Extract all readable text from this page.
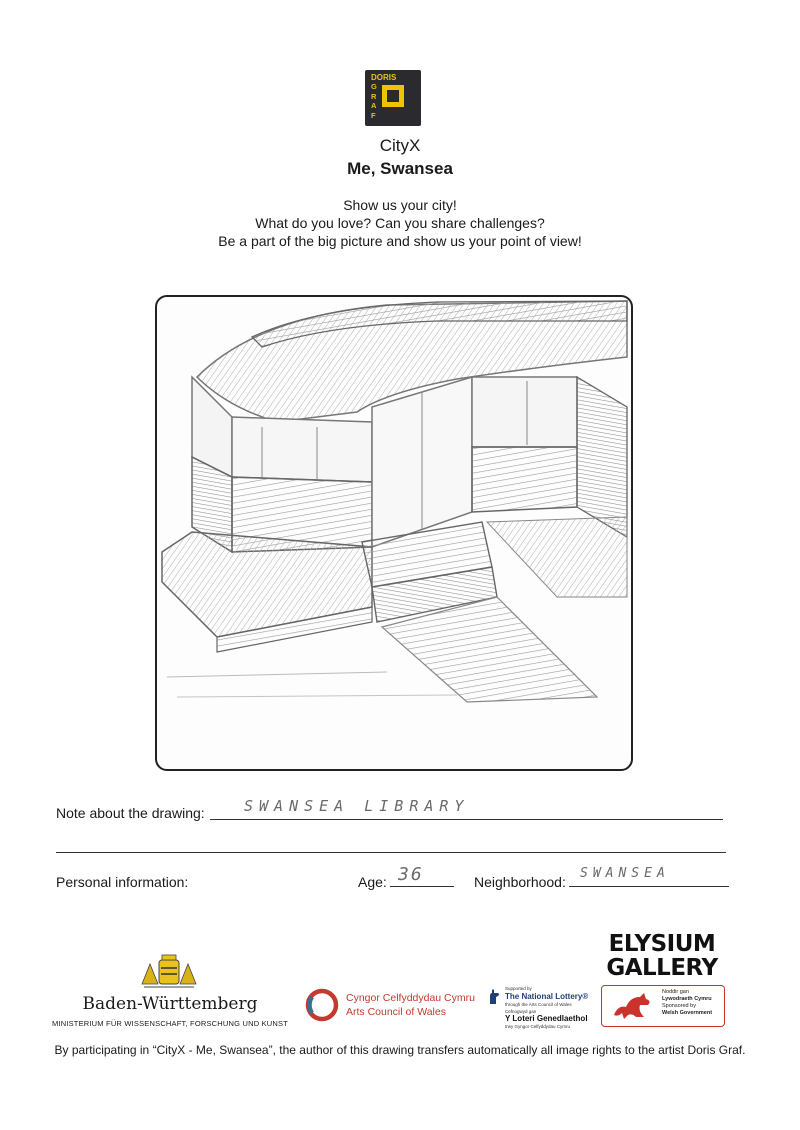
DORIS
G
R
A
F
CityX
Me, Swansea
Show us your city!
What do you love? Can you share challenges?
Be a part of the big picture and show us your point of view!
Note about the drawing:	SWANSEA LIBRARY
Personal information:	Age: 36	Neighborhood:
SWANSEA
Baden-Württemberg
MINISTERIUM FÜR WISSENSCHAFT, FORSCHUNG UND KUNST
Cyngor Celfyddydau Cymru
Arts Council of Wales
Supported by
The National Lottery®
through the Arts Council of Wales
Cefnogwyd gan
Y Loteri Genedlaethol
trwy Gyngor Celfyddydau Cymru
ELYSIUM
GALLERY
Noddir gan
Lywodraeth Cymru
Sponsored by
Welsh Government
By participating in “CityX - Me, Swansea”, the author of this drawing transfers automatically all image rights to the artist Doris Graf.
